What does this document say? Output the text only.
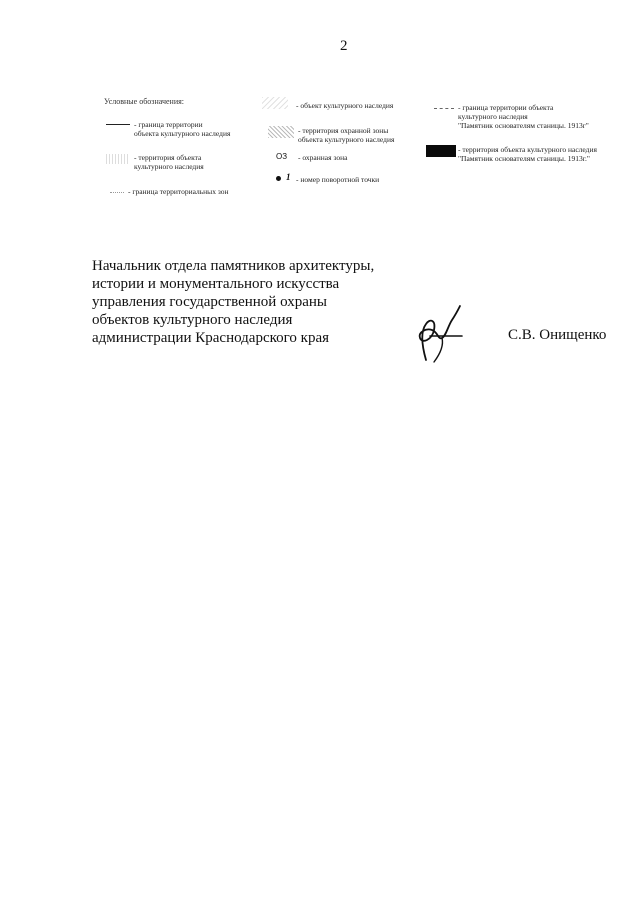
2
Условные обозначения:
- граница территории
объекта культурного наследия
- территория объекта
культурного наследия
- граница территориальных зон
- объект культурного наследия
- территория охранной зоны
объекта культурного наследия
ОЗ - охранная зона
1 - номер поворотной точки
- граница территории объекта
культурного наследия
"Памятник основателям станицы. 1913г"
- территория объекта культурного наследия
"Памятник основателям станицы. 1913г."
Начальник отдела памятников архитектуры,
истории и монументального искусства
управления государственной охраны
объектов культурного наследия
администрации Краснодарского края	С.В. Онищенко
